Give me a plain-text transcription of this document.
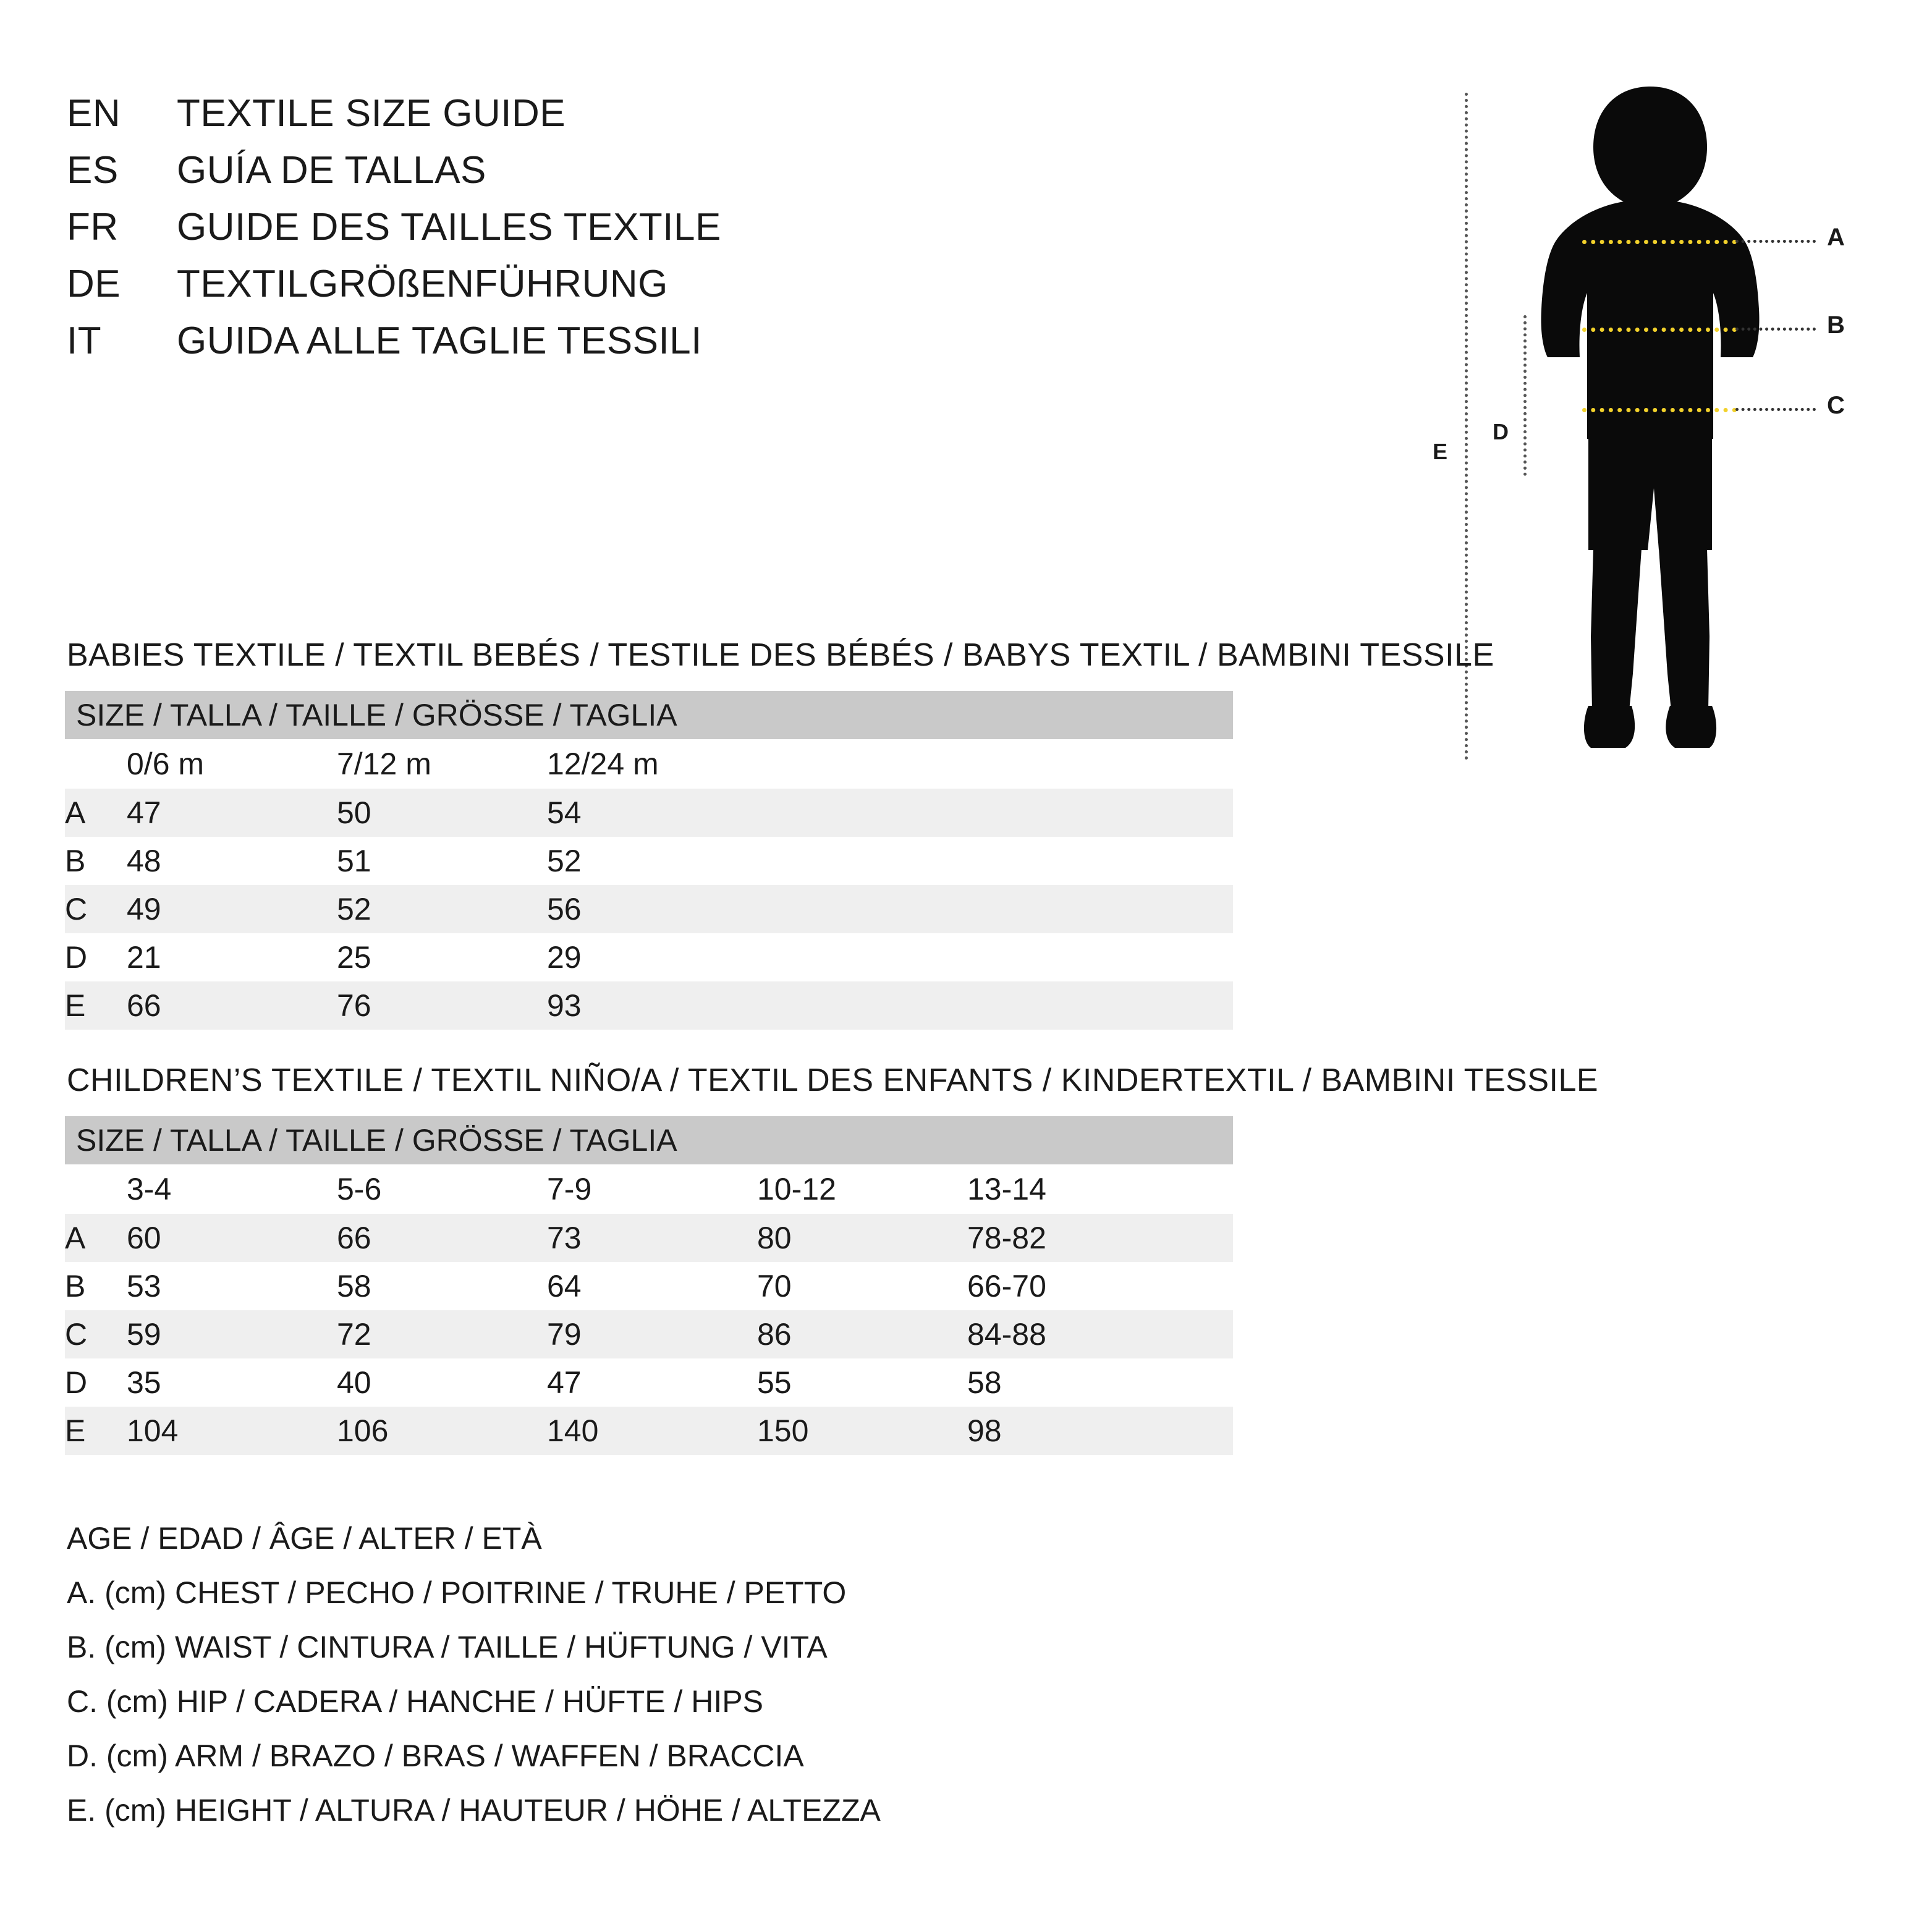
EN	TEXTILE SIZE GUIDE
ES	GUÍA DE TALLAS
FR	GUIDE DES TAILLES TEXTILE
DE	TEXTILGRÖßENFÜHRUNG
IT	GUIDA ALLE TAGLIE TESSILI
E
D
A
B
C
BABIES TEXTILE / TEXTIL BEBÉS / TESTILE DES BÉBÉS / BABYS TEXTIL / BAMBINI TESSILE
SIZE / TALLA / TAILLE / GRÖSSE / TAGLIA			
	0/6 m	7/12 m	12/24 m
A	47	50	54
B	48	51	52
C	49	52	56
D	21	25	29
E	66	76	93
CHILDREN’S TEXTILE / TEXTIL NIÑO/A / TEXTIL DES ENFANTS / KINDERTEXTIL / BAMBINI TESSILE
SIZE / TALLA / TAILLE / GRÖSSE / TAGLIA					
	3-4	5-6	7-9	10-12	13-14
A	60	66	73	80	78-82
B	53	58	64	70	66-70
C	59	72	79	86	84-88
D	35	40	47	55	58
E	104	106	140	150	98
AGE / EDAD / ÂGE / ALTER / ETÀ
A. (cm) CHEST / PECHO / POITRINE / TRUHE / PETTO
B. (cm) WAIST / CINTURA / TAILLE / HÜFTUNG / VITA
C. (cm) HIP / CADERA / HANCHE / HÜFTE / HIPS
D. (cm) ARM / BRAZO / BRAS / WAFFEN / BRACCIA
E. (cm) HEIGHT / ALTURA / HAUTEUR / HÖHE / ALTEZZA
